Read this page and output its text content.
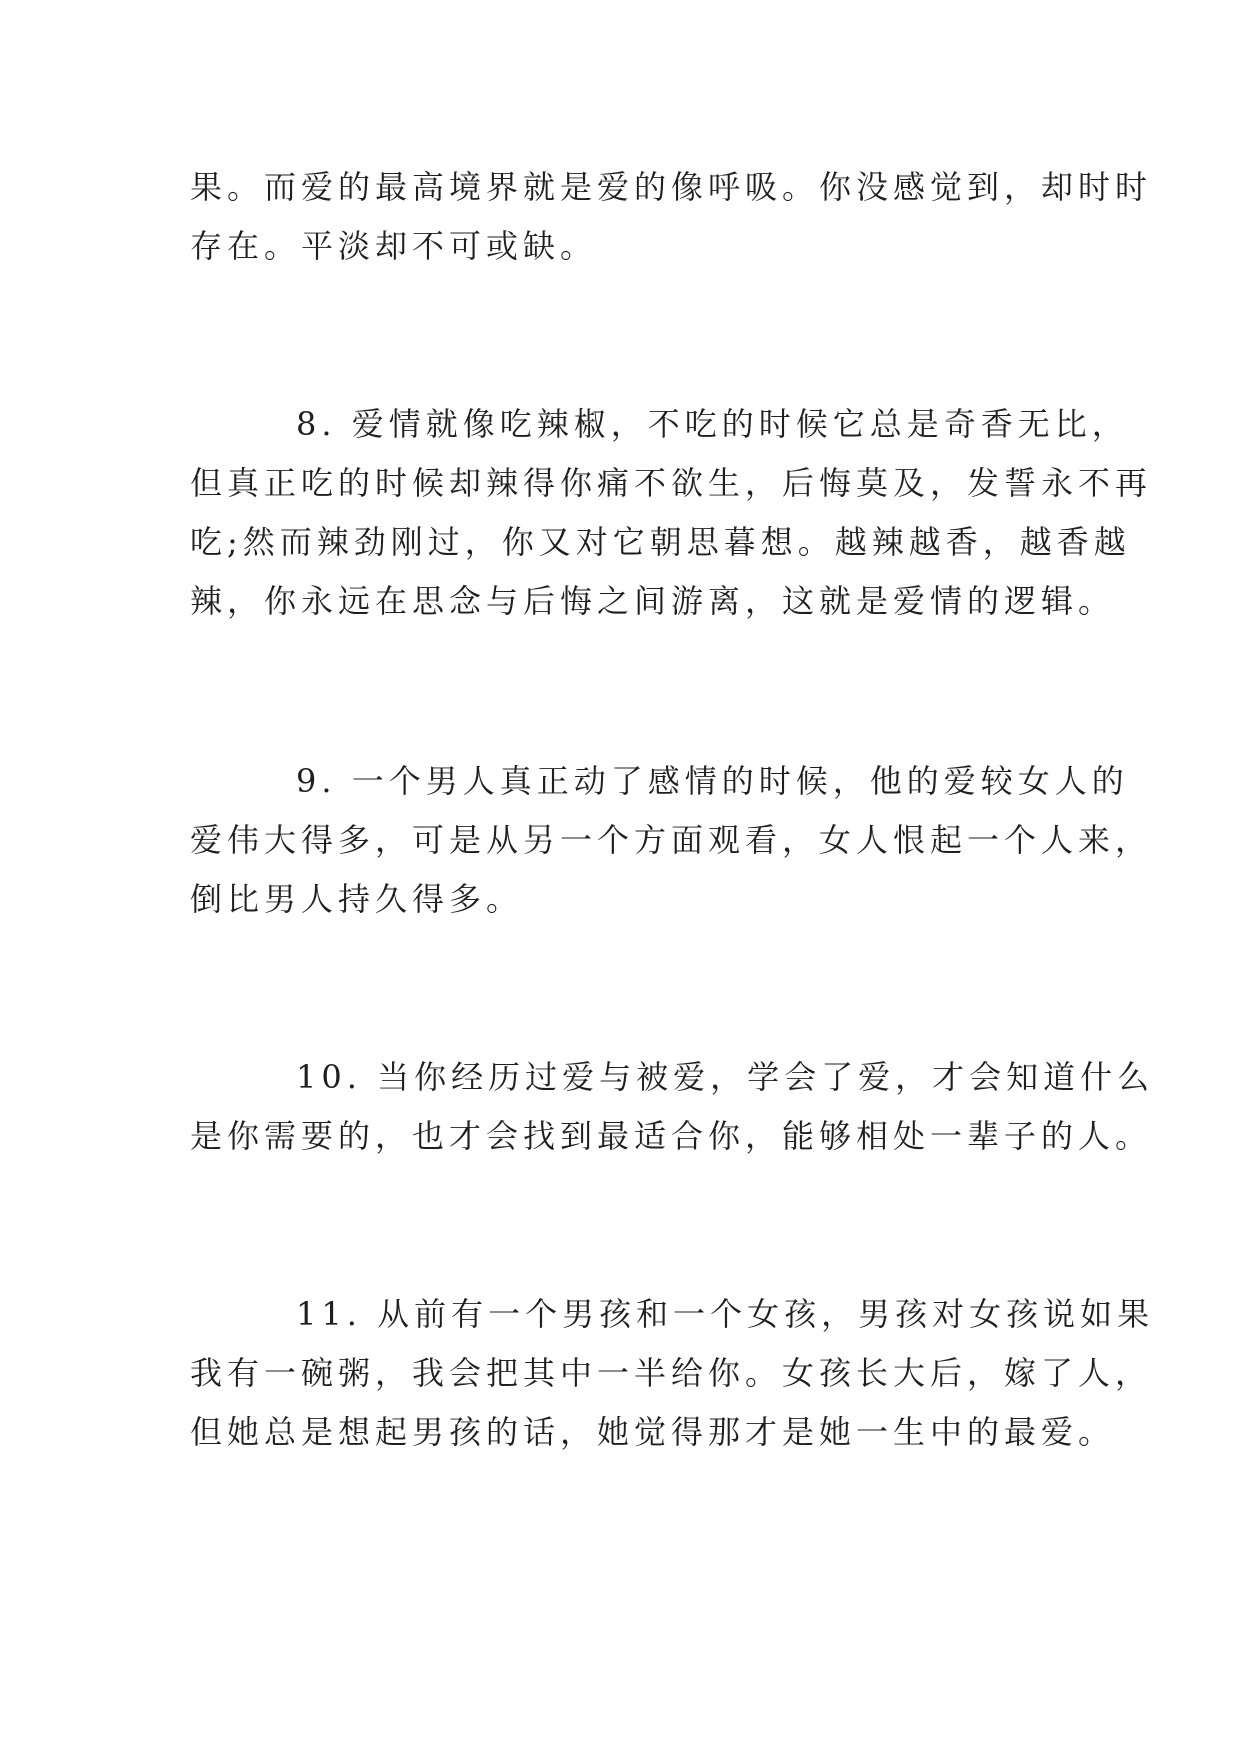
果。而爱的最高境界就是爱的像呼吸。你没感觉到，却时时
存在。平淡却不可或缺。

8. 爱情就像吃辣椒，不吃的时候它总是奇香无比，
但真正吃的时候却辣得你痛不欲生，后悔莫及，发誓永不再
吃;然而辣劲刚过，你又对它朝思暮想。越辣越香，越香越
辣，你永远在思念与后悔之间游离，这就是爱情的逻辑。

9. 一个男人真正动了感情的时候，他的爱较女人的
爱伟大得多，可是从另一个方面观看，女人恨起一个人来，
倒比男人持久得多。

10. 当你经历过爱与被爱，学会了爱，才会知道什么
是你需要的，也才会找到最适合你，能够相处一辈子的人。

11. 从前有一个男孩和一个女孩，男孩对女孩说如果
我有一碗粥，我会把其中一半给你。女孩长大后，嫁了人，
但她总是想起男孩的话，她觉得那才是她一生中的最爱。
